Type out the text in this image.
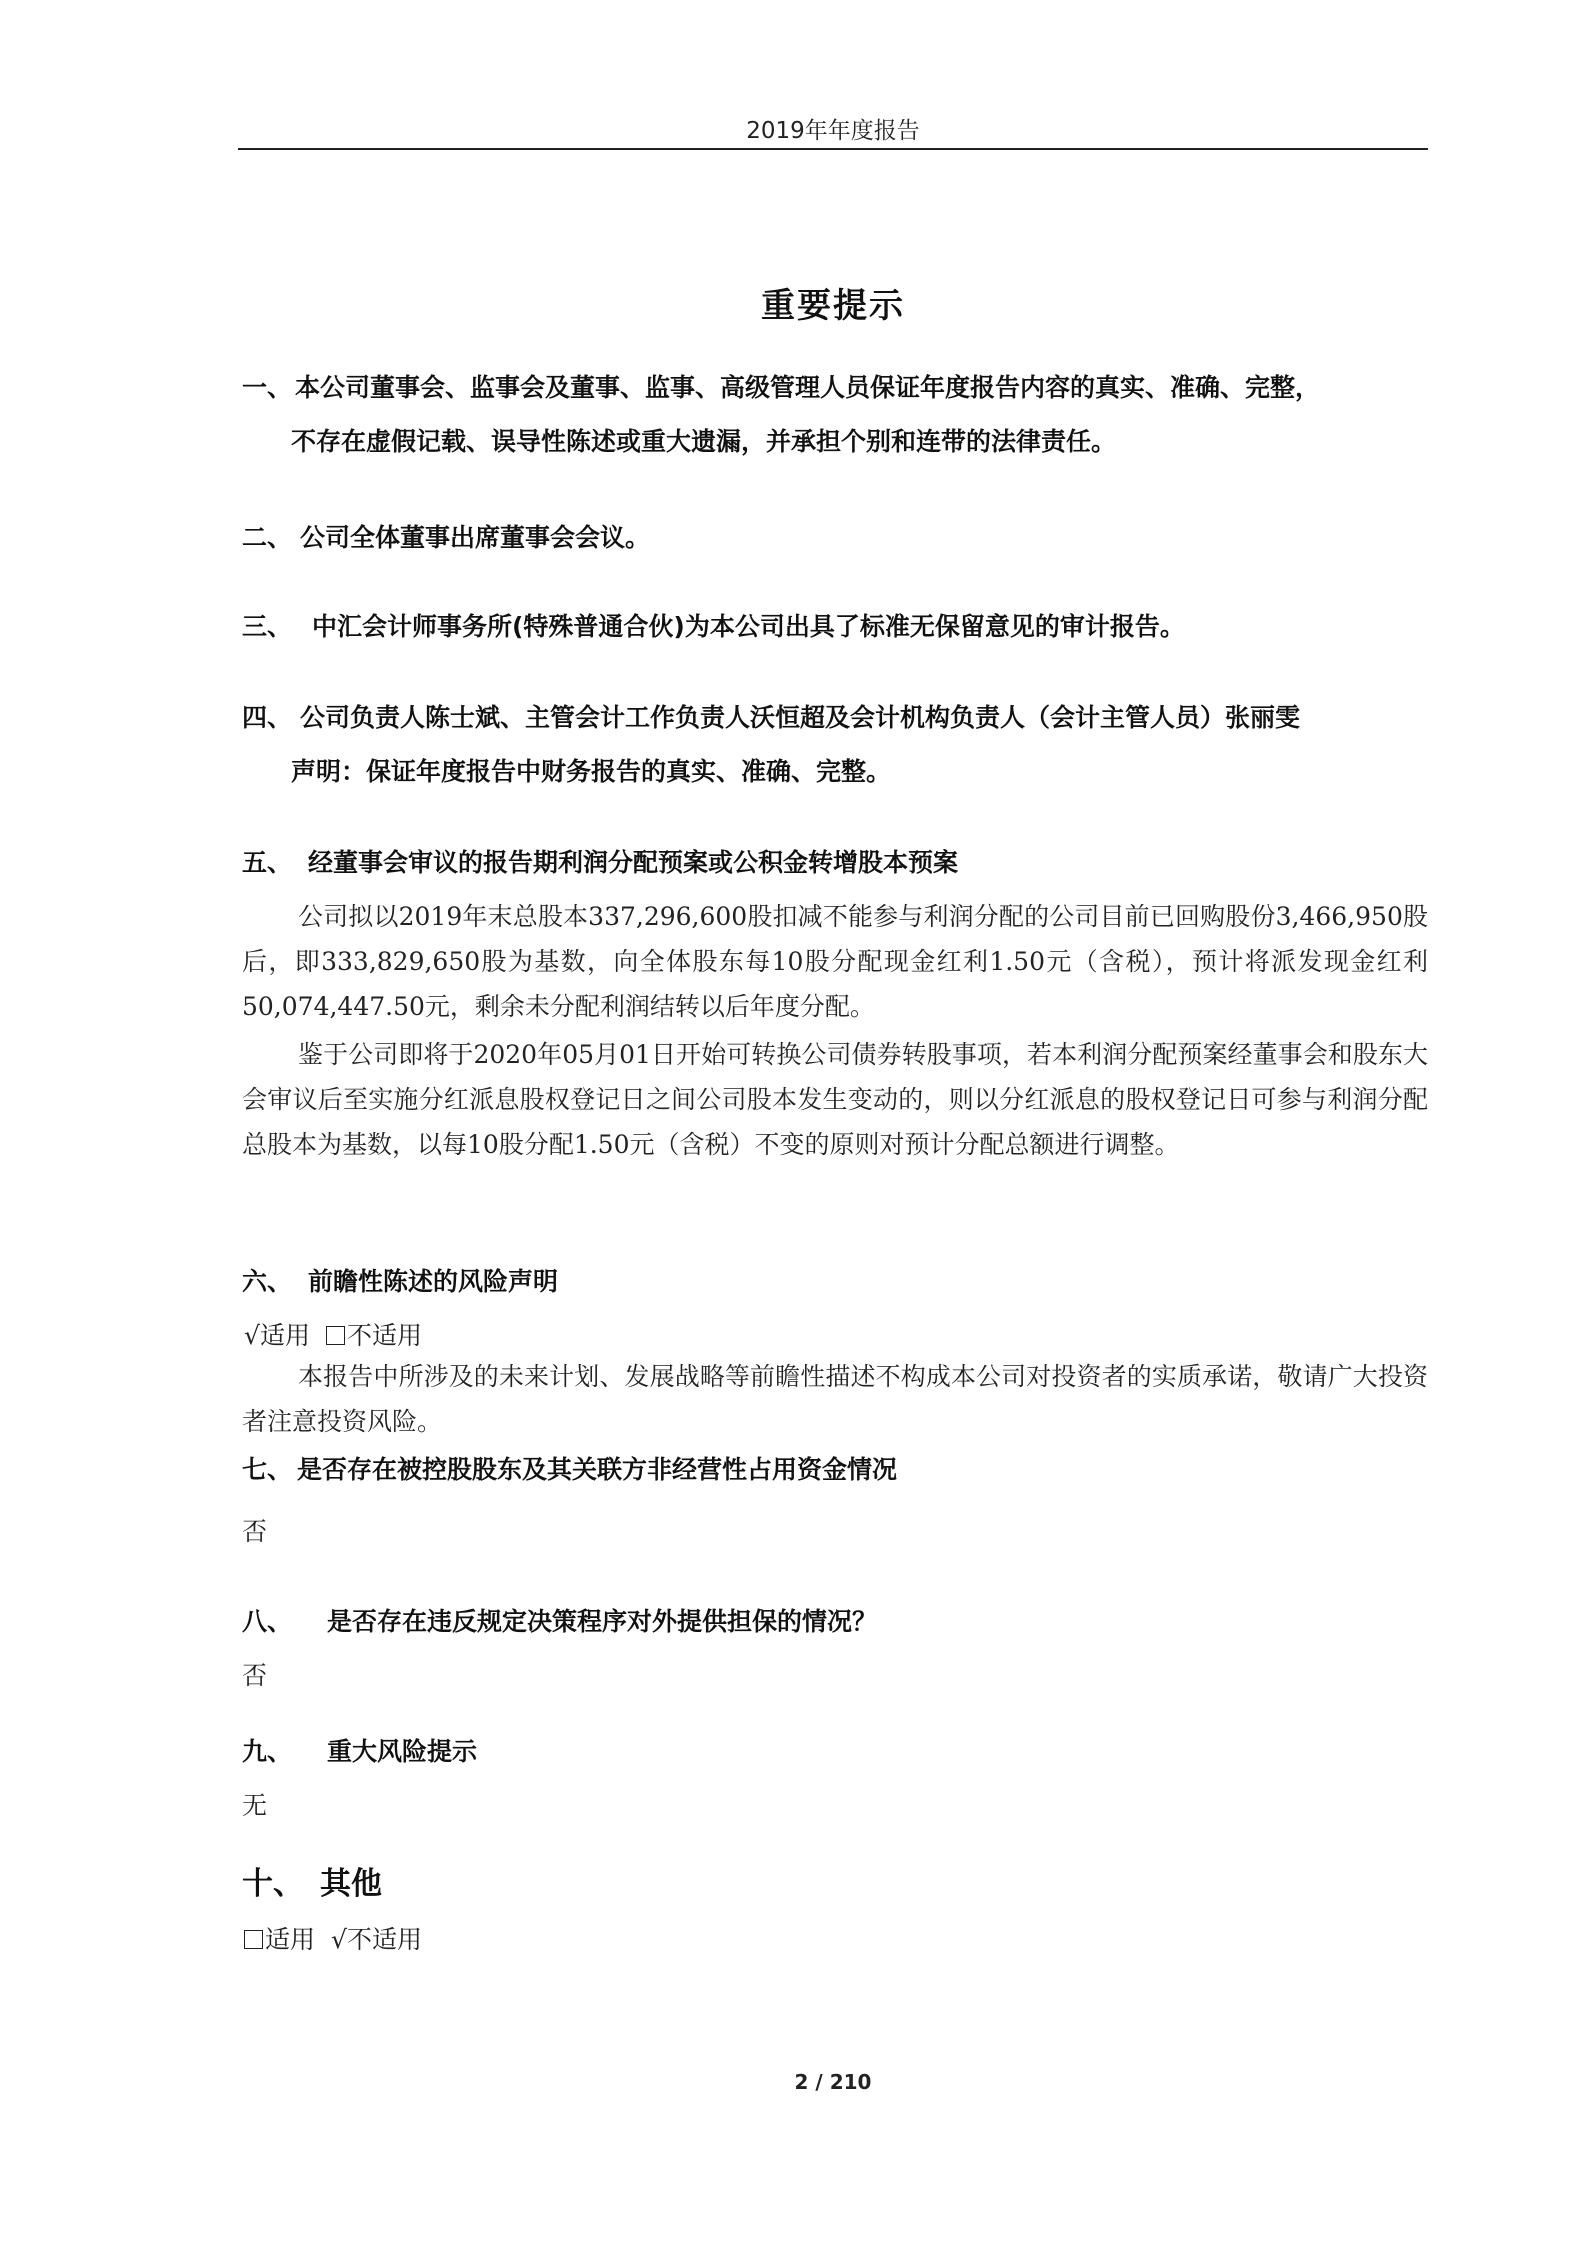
2019年年度报告
重要提示
一、 本公司董事会、监事会及董事、监事、高级管理人员保证年度报告内容的真实、准确、完整，
不存在虚假记载、误导性陈述或重大遗漏，并承担个别和连带的法律责任。
二、 公司全体董事出席董事会会议。
三、 中汇会计师事务所(特殊普通合伙)为本公司出具了标准无保留意见的审计报告。
四、 公司负责人陈士斌、主管会计工作负责人沃恒超及会计机构负责人（会计主管人员）张丽雯
声明：保证年度报告中财务报告的真实、准确、完整。
五、 经董事会审议的报告期利润分配预案或公积金转增股本预案
公司拟以2019年末总股本337,296,600股扣减不能参与利润分配的公司目前已回购股份3,466,950股后，即333,829,650股为基数，向全体股东每10股分配现金红利1.50元（含税），预计将派发现金红利50,074,447.50元，剩余未分配利润结转以后年度分配。
鉴于公司即将于2020年05月01日开始可转换公司债券转股事项，若本利润分配预案经董事会和股东大会审议后至实施分红派息股权登记日之间公司股本发生变动的，则以分红派息的股权登记日可参与利润分配总股本为基数，以每10股分配1.50元（含税）不变的原则对预计分配总额进行调整。
六、 前瞻性陈述的风险声明
√适用 不适用
本报告中所涉及的未来计划、发展战略等前瞻性描述不构成本公司对投资者的实质承诺，敬请广大投资者注意投资风险。
七、 是否存在被控股股东及其关联方非经营性占用资金情况
否
八、 是否存在违反规定决策程序对外提供担保的情况？
否
九、 重大风险提示
无
十、 其他
适用 √不适用
2 / 210
